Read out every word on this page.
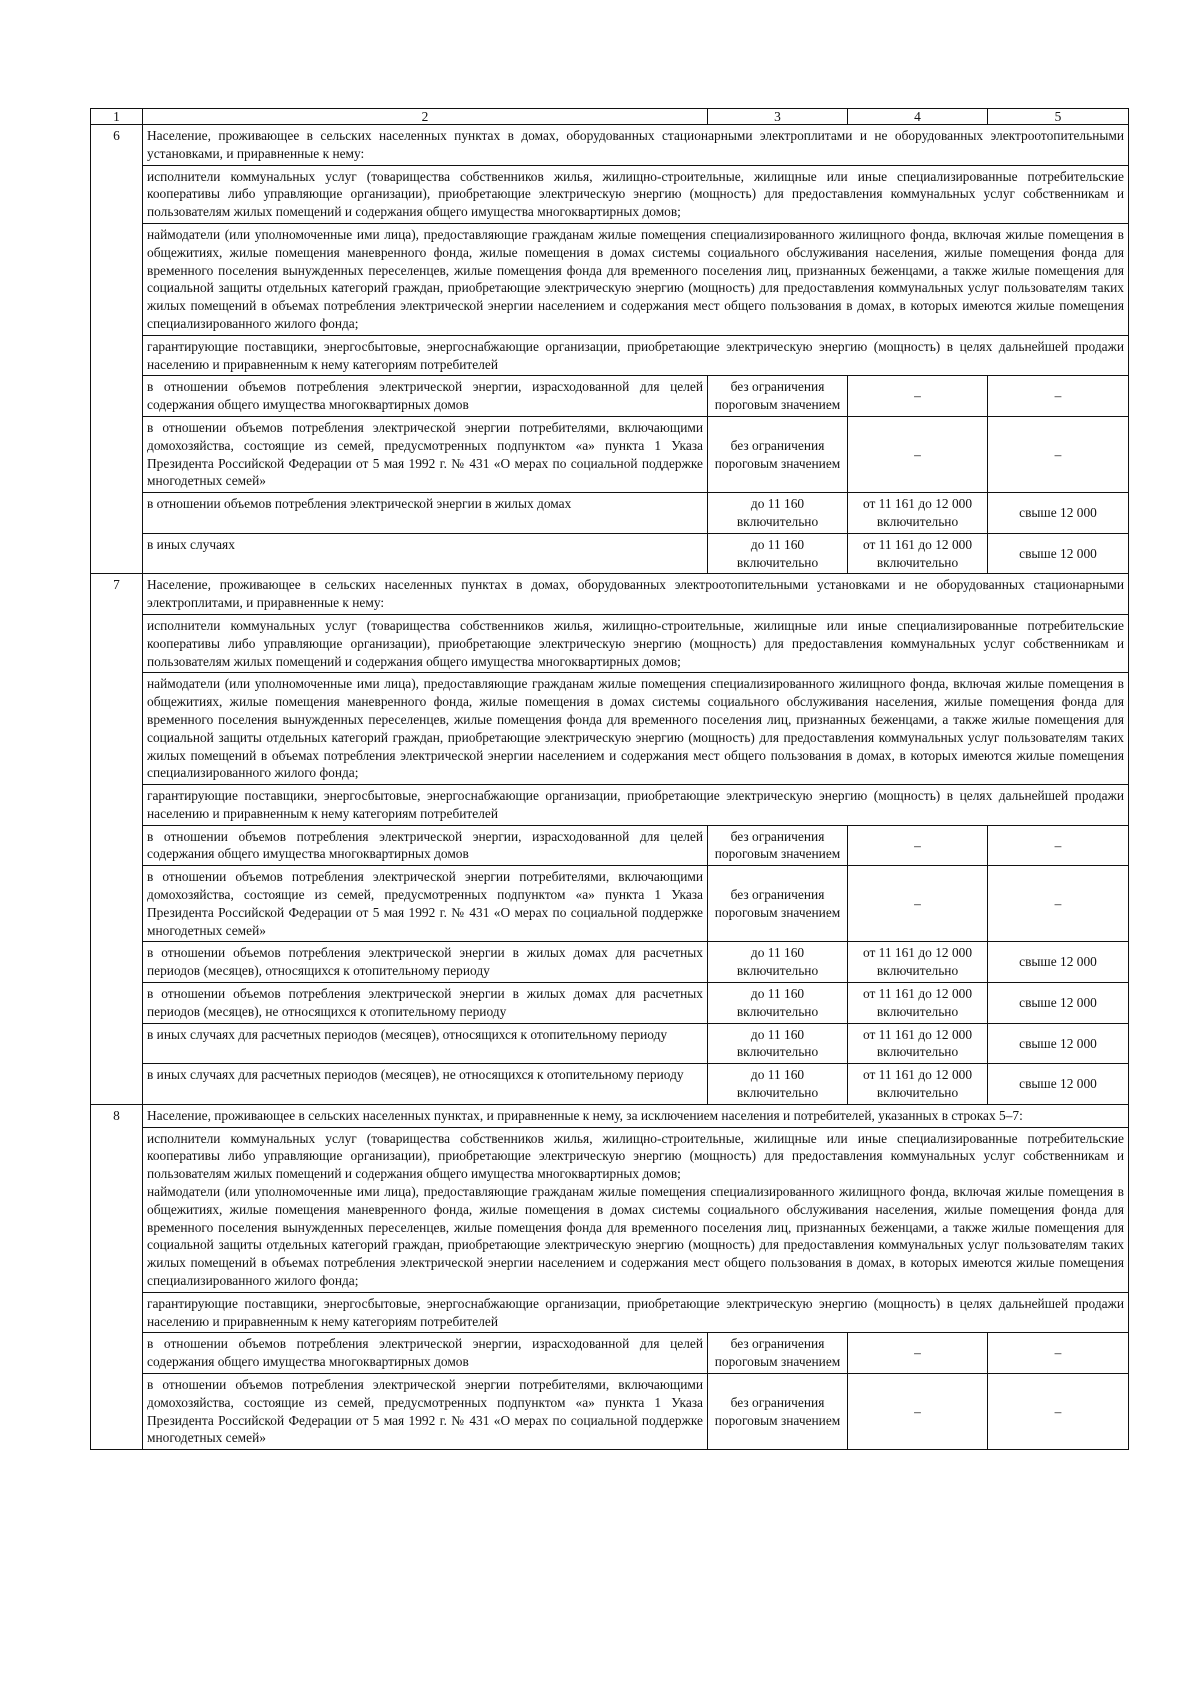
1	2	3	4	5
6	Население, проживающее в сельских населенных пунктах в домах, оборудованных стационарными электроплитами и не оборудованных электроотопительными установками, и приравненные к нему:
исполнители коммунальных услуг (товарищества собственников жилья, жилищно-строительные, жилищные или иные специализированные потребительские кооперативы либо управляющие организации), приобретающие электрическую энергию (мощность) для предоставления коммунальных услуг собственникам и пользователям жилых помещений и содержания общего имущества многоквартирных домов;
наймодатели (или уполномоченные ими лица), предоставляющие гражданам жилые помещения специализированного жилищного фонда, включая жилые помещения в общежитиях, жилые помещения маневренного фонда, жилые помещения в домах системы социального обслуживания населения, жилые помещения фонда для временного поселения вынужденных переселенцев, жилые помещения фонда для временного поселения лиц, признанных беженцами, а также жилые помещения для социальной защиты отдельных категорий граждан, приобретающие электрическую энергию (мощность) для предоставления коммунальных услуг пользователям таких жилых помещений в объемах потребления электрической энергии населением и содержания мест общего пользования в домах, в которых имеются жилые помещения специализированного жилого фонда;
гарантирующие поставщики, энергосбытовые, энергоснабжающие организации, приобретающие электрическую энергию (мощность) в целях дальнейшей продажи населению и приравненным к нему категориям потребителей			

	в отношении объемов потребления электрической энергии, израсходованной для целей содержания общего имущества многоквартирных домов	без ограничения пороговым значением	–	–
	в отношении объемов потребления электрической энергии потребителями, включающими домохозяйства, состоящие из семей, предусмотренных подпунктом «а» пункта 1 Указа Президента Российской Федерации от 5 мая 1992 г. № 431 «О мерах по социальной поддержке многодетных семей»	без ограничения пороговым значением	–	–
	в отношении объемов потребления электрической энергии в жилых домах	до 11 160 включительно	от 11 161 до 12 000 включительно	свыше 12 000
	в иных случаях	до 11 160 включительно	от 11 161 до 12 000 включительно	свыше 12 000
7	Население, проживающее в сельских населенных пунктах в домах, оборудованных электроотопительными установками и не оборудованных стационарными электроплитами, и приравненные к нему:
исполнители коммунальных услуг (товарищества собственников жилья, жилищно-строительные, жилищные или иные специализированные потребительские кооперативы либо управляющие организации), приобретающие электрическую энергию (мощность) для предоставления коммунальных услуг собственникам и пользователям жилых помещений и содержания общего имущества многоквартирных домов;
наймодатели (или уполномоченные ими лица), предоставляющие гражданам жилые помещения специализированного жилищного фонда, включая жилые помещения в общежитиях, жилые помещения маневренного фонда, жилые помещения в домах системы социального обслуживания населения, жилые помещения фонда для временного поселения вынужденных переселенцев, жилые помещения фонда для временного поселения лиц, признанных беженцами, а также жилые помещения для социальной защиты отдельных категорий граждан, приобретающие электрическую энергию (мощность) для предоставления коммунальных услуг пользователям таких жилых помещений в объемах потребления электрической энергии населением и содержания мест общего пользования в домах, в которых имеются жилые помещения специализированного жилого фонда;
гарантирующие поставщики, энергосбытовые, энергоснабжающие организации, приобретающие электрическую энергию (мощность) в целях дальнейшей продажи населению и приравненным к нему категориям потребителей			

	в отношении объемов потребления электрической энергии, израсходованной для целей содержания общего имущества многоквартирных домов	без ограничения пороговым значением	–	–
	в отношении объемов потребления электрической энергии потребителями, включающими домохозяйства, состоящие из семей, предусмотренных подпунктом «а» пункта 1 Указа Президента Российской Федерации от 5 мая 1992 г. № 431 «О мерах по социальной поддержке многодетных семей»	без ограничения пороговым значением	–	–
	в отношении объемов потребления электрической энергии в жилых домах для расчетных периодов (месяцев), относящихся к отопительному периоду	до 11 160 включительно	от 11 161 до 12 000 включительно	свыше 12 000
	в отношении объемов потребления электрической энергии в жилых домах для расчетных периодов (месяцев), не относящихся к отопительному периоду	до 11 160 включительно	от 11 161 до 12 000 включительно	свыше 12 000
	в иных случаях для расчетных периодов (месяцев), относящихся к отопительному периоду	до 11 160 включительно	от 11 161 до 12 000 включительно	свыше 12 000
	в иных случаях для расчетных периодов (месяцев), не относящихся к отопительному периоду	до 11 160 включительно	от 11 161 до 12 000 включительно	свыше 12 000
8	Население, проживающее в сельских населенных пунктах, и приравненные к нему, за исключением населения и потребителей, указанных в строках 5–7:
исполнители коммунальных услуг (товарищества собственников жилья, жилищно-строительные, жилищные или иные специализированные потребительские кооперативы либо управляющие организации), приобретающие электрическую энергию (мощность) для предоставления коммунальных услуг собственникам и пользователям жилых помещений и содержания общего имущества многоквартирных домов;
наймодатели (или уполномоченные ими лица), предоставляющие гражданам жилые помещения специализированного жилищного фонда, включая жилые помещения в общежитиях, жилые помещения маневренного фонда, жилые помещения в домах системы социального обслуживания населения, жилые помещения фонда для временного поселения вынужденных переселенцев, жилые помещения фонда для временного поселения лиц, признанных беженцами, а также жилые помещения для социальной защиты отдельных категорий граждан, приобретающие электрическую энергию (мощность) для предоставления коммунальных услуг пользователям таких жилых помещений в объемах потребления электрической энергии населением и содержания мест общего пользования в домах, в которых имеются жилые помещения специализированного жилого фонда;
гарантирующие поставщики, энергосбытовые, энергоснабжающие организации, приобретающие электрическую энергию (мощность) в целях дальнейшей продажи населению и приравненным к нему категориям потребителей			

	в отношении объемов потребления электрической энергии, израсходованной для целей содержания общего имущества многоквартирных домов	без ограничения пороговым значением	–	–
	в отношении объемов потребления электрической энергии потребителями, включающими домохозяйства, состоящие из семей, предусмотренных подпунктом «а» пункта 1 Указа Президента Российской Федерации от 5 мая 1992 г. № 431 «О мерах по социальной поддержке многодетных семей»	без ограничения пороговым значением	–	–
